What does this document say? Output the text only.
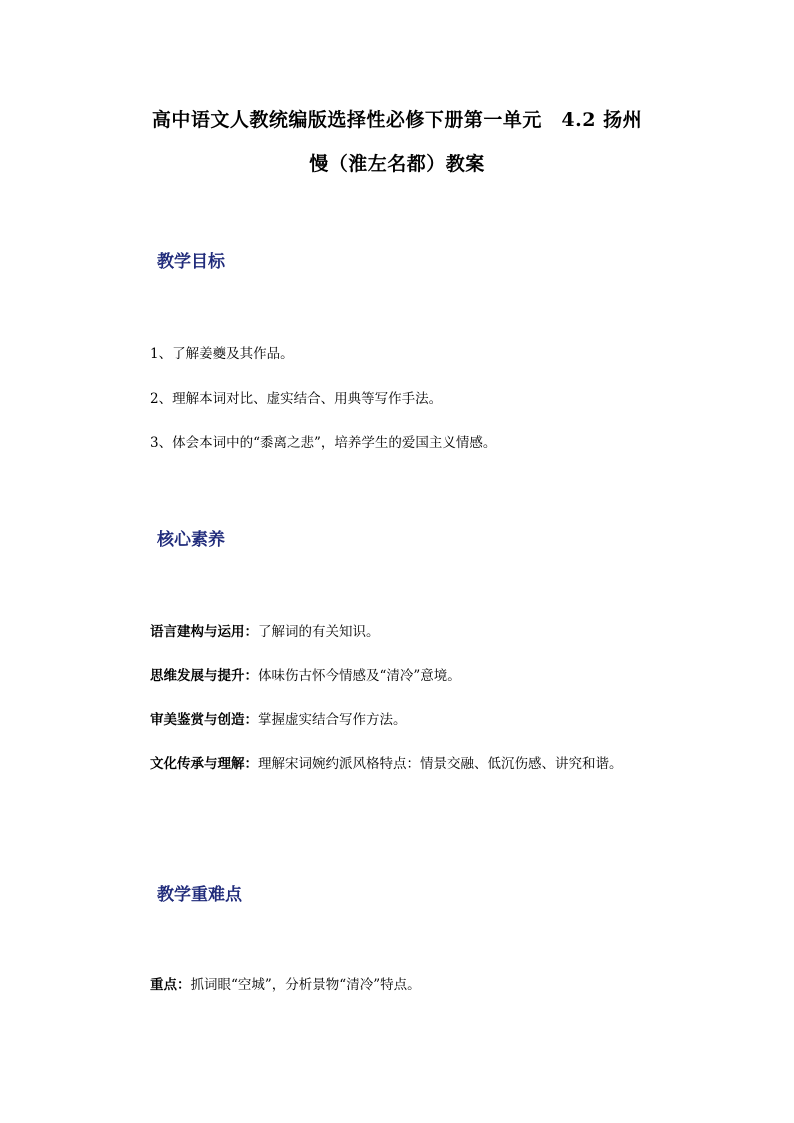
高中语文人教统编版选择性必修下册第一单元　4.2 扬州
慢（淮左名都）教案
教学目标
1、了解姜夔及其作品。
2、理解本词对比、虚实结合、用典等写作手法。
3、体会本词中的“黍离之悲”，培养学生的爱国主义情感。
核心素养
语言建构与运用：了解词的有关知识。
思维发展与提升：体味伤古怀今情感及“清冷”意境。
审美鉴赏与创造：掌握虚实结合写作方法。
文化传承与理解：理解宋词婉约派风格特点：情景交融、低沉伤感、讲究和谐。
教学重难点
重点：抓词眼“空城”，分析景物“清冷”特点。
